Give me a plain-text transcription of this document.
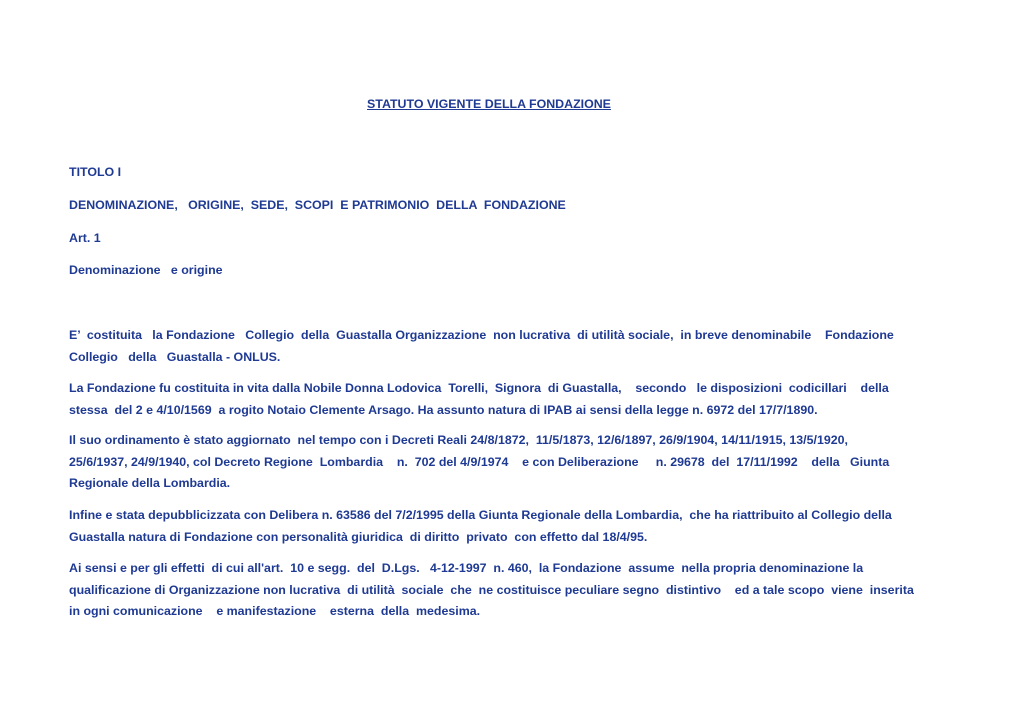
STATUTO VIGENTE DELLA FONDAZIONE
TITOLO I
DENOMINAZIONE,   ORIGINE,  SEDE,  SCOPI  E PATRIMONIO  DELLA  FONDAZIONE
Art. 1
Denominazione   e origine
E’  costituita   la Fondazione   Collegio  della  Guastalla Organizzazione  non lucrativa  di utilità sociale,  in breve denominabile    Fondazione
Collegio   della   Guastalla - ONLUS.
La Fondazione fu costituita in vita dalla Nobile Donna Lodovica  Torelli,  Signora  di Guastalla,    secondo   le disposizioni  codicillari    della
stessa  del 2 e 4/10/1569  a rogito Notaio Clemente Arsago. Ha assunto natura di IPAB ai sensi della legge n. 6972 del 17/7/1890.
Il suo ordinamento è stato aggiornato  nel tempo con i Decreti Reali 24/8/1872,  11/5/1873, 12/6/1897, 26/9/1904, 14/11/1915, 13/5/1920,
25/6/1937, 24/9/1940, col Decreto Regione  Lombardia    n.  702 del 4/9/1974    e con Deliberazione     n. 29678  del  17/11/1992    della   Giunta
Regionale della Lombardia.
Infine e stata depubblicizzata con Delibera n. 63586 del 7/2/1995 della Giunta Regionale della Lombardia,  che ha riattribuito al Collegio della
Guastalla natura di Fondazione con personalità giuridica  di diritto  privato  con effetto dal 18/4/95.
Ai sensi e per gli effetti  di cui all'art.  10 e segg.  del  D.Lgs.   4-12-1997  n. 460,  la Fondazione  assume  nella propria denominazione la
qualificazione di Organizzazione non lucrativa  di utilità  sociale  che  ne costituisce peculiare segno  distintivo    ed a tale scopo  viene  inserita
in ogni comunicazione    e manifestazione    esterna  della  medesima.
